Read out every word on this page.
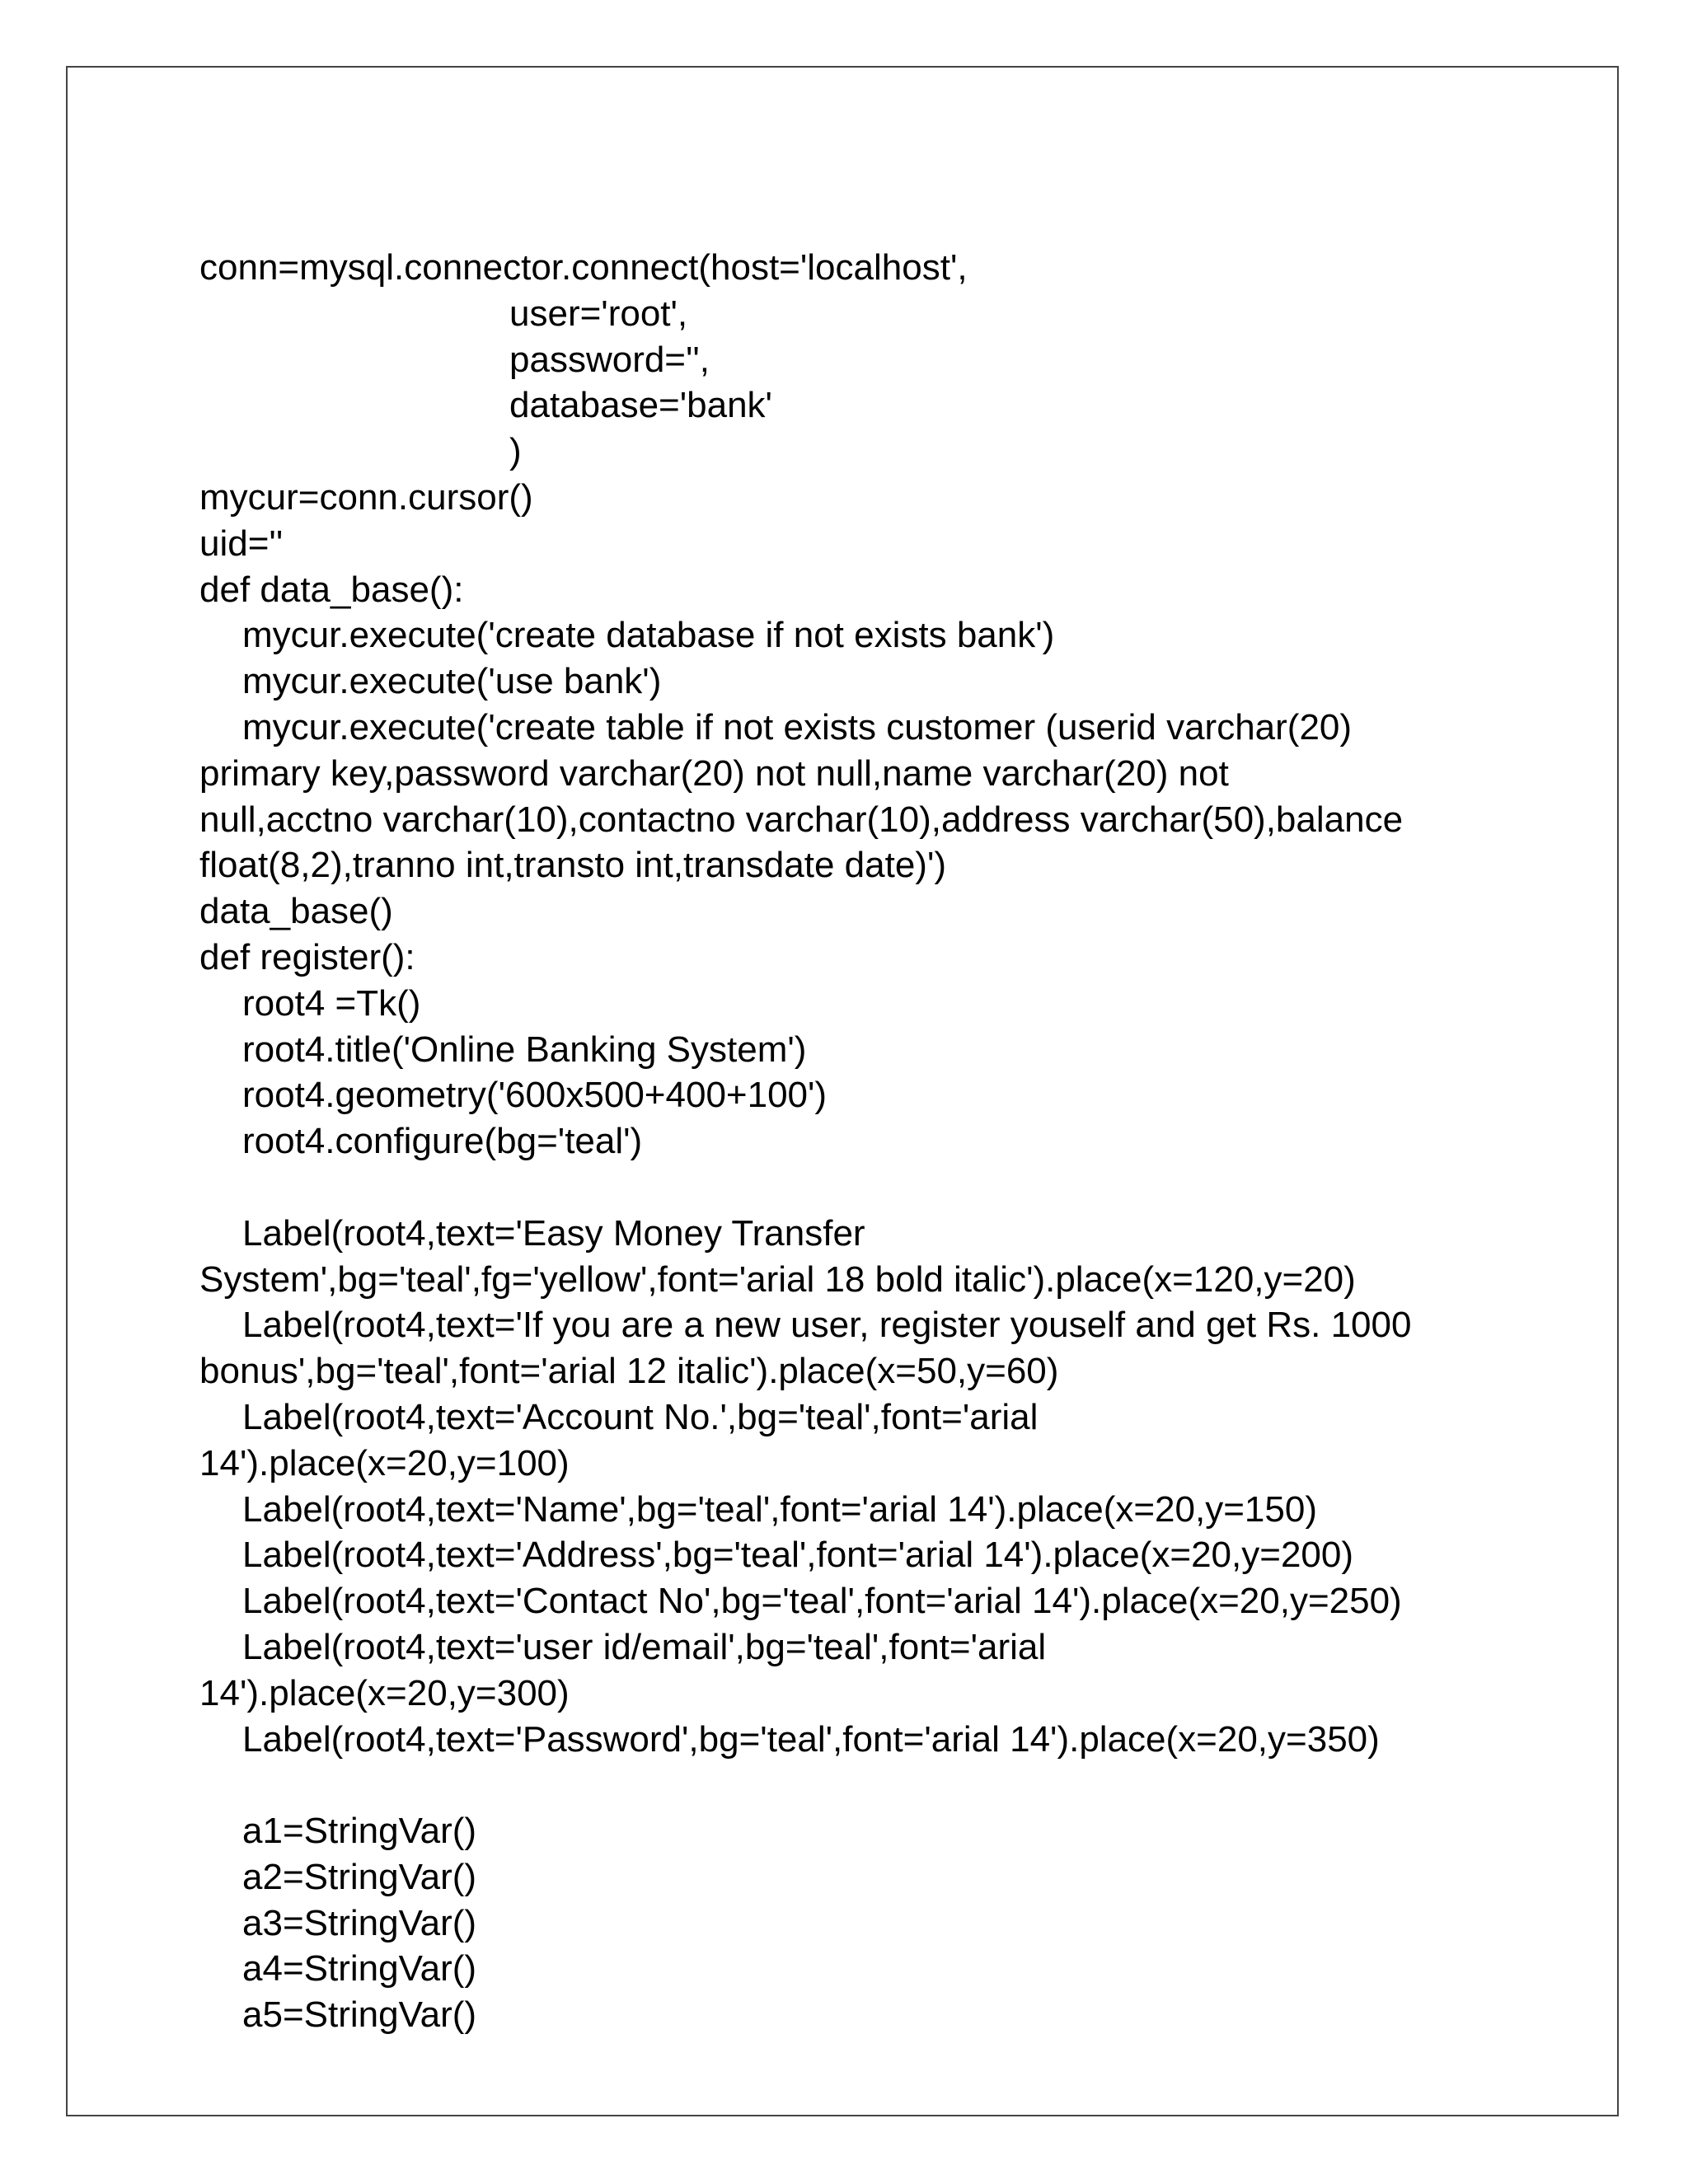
conn=mysql.connector.connect(host='localhost',
user='root',
password='',
database='bank'
)
mycur=conn.cursor()
uid=''
def data_base():
mycur.execute('create database if not exists bank')
mycur.execute('use bank')
mycur.execute('create table if not exists customer (userid varchar(20)
primary key,password varchar(20) not null,name varchar(20) not
null,acctno varchar(10),contactno varchar(10),address varchar(50),balance
float(8,2),tranno int,transto int,transdate date)')
data_base()
def register():
root4 =Tk()
root4.title('Online Banking System')
root4.geometry('600x500+400+100')
root4.configure(bg='teal')
Label(root4,text='Easy Money Transfer
System',bg='teal',fg='yellow',font='arial 18 bold italic').place(x=120,y=20)
Label(root4,text='If you are a new user, register youself and get Rs. 1000
bonus',bg='teal',font='arial 12 italic').place(x=50,y=60)
Label(root4,text='Account No.',bg='teal',font='arial
14').place(x=20,y=100)
Label(root4,text='Name',bg='teal',font='arial 14').place(x=20,y=150)
Label(root4,text='Address',bg='teal',font='arial 14').place(x=20,y=200)
Label(root4,text='Contact No',bg='teal',font='arial 14').place(x=20,y=250)
Label(root4,text='user id/email',bg='teal',font='arial
14').place(x=20,y=300)
Label(root4,text='Password',bg='teal',font='arial 14').place(x=20,y=350)
a1=StringVar()
a2=StringVar()
a3=StringVar()
a4=StringVar()
a5=StringVar()
